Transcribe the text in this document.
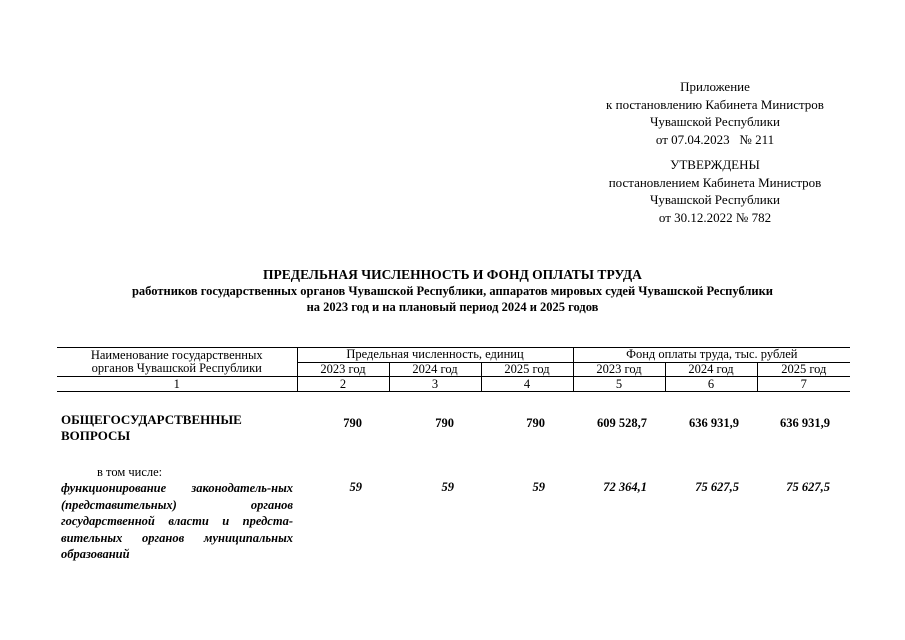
Приложение
к постановлению Кабинета Министров
Чувашской Республики
от 07.04.2023   № 211
УТВЕРЖДЕНЫ
постановлением Кабинета Министров
Чувашской Республики
от 30.12.2022 № 782
ПРЕДЕЛЬНАЯ ЧИСЛЕННОСТЬ И ФОНД ОПЛАТЫ ТРУДА
работников государственных органов Чувашской Республики, аппаратов мировых судей Чувашской Республики
на 2023 год и на плановый период 2024 и 2025 годов
Наименование государственных
органов Чувашской Республики	Предельная численность, единиц			Фонд оплаты труда, тыс. рублей		
	2023 год	2024 год	2025 год	2023 год	2024 год	2025 год
1	2	3	4	5	6	7
ОБЩЕГОСУДАРСТВЕННЫЕ ВОПРОСЫ
790	790	790	609 528,7	636 931,9	636 931,9
в том числе:
функционирование законодатель-ных (представительных) органов государственной власти и предста-вительных органов муниципальных образований
59	59	59	72 364,1	75 627,5	75 627,5
